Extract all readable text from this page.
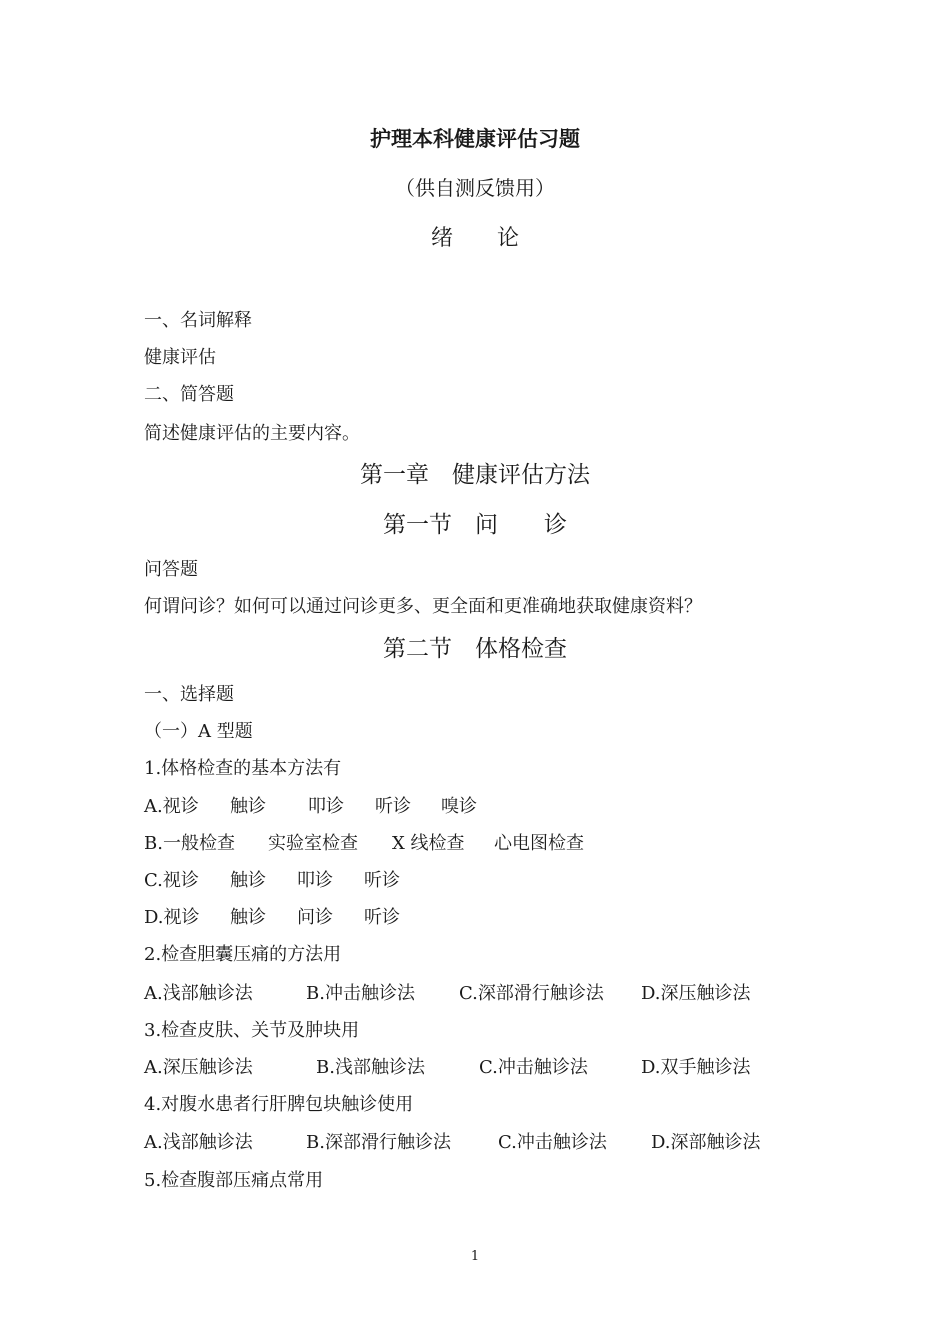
护理本科健康评估习题
（供自测反馈用）
绪　　论
一、名词解释
健康评估
二、简答题
简述健康评估的主要内容。
第一章　健康评估方法
第一节　问　　诊
问答题
何谓问诊？如何可以通过问诊更多、更全面和更准确地获取健康资料？
第二节　体格检查
一、选择题
（一）A 型题
1.体格检查的基本方法有
A.视诊 触诊 叩诊 听诊 嗅诊
B.一般检查 实验室检查 X 线检查 心电图检查
C.视诊 触诊 叩诊 听诊
D.视诊 触诊 问诊 听诊
2.检查胆囊压痛的方法用
A.浅部触诊法	B.冲击触诊法 C.深部滑行触诊法 D.深压触诊法
3.检查皮肤、关节及肿块用
A.深压触诊法	B.浅部触诊法	C.冲击触诊法	D.双手触诊法
4.对腹水患者行肝脾包块触诊使用
A.浅部触诊法	B.深部滑行触诊法	C.冲击触诊法 D.深部触诊法
5.检查腹部压痛点常用
1
